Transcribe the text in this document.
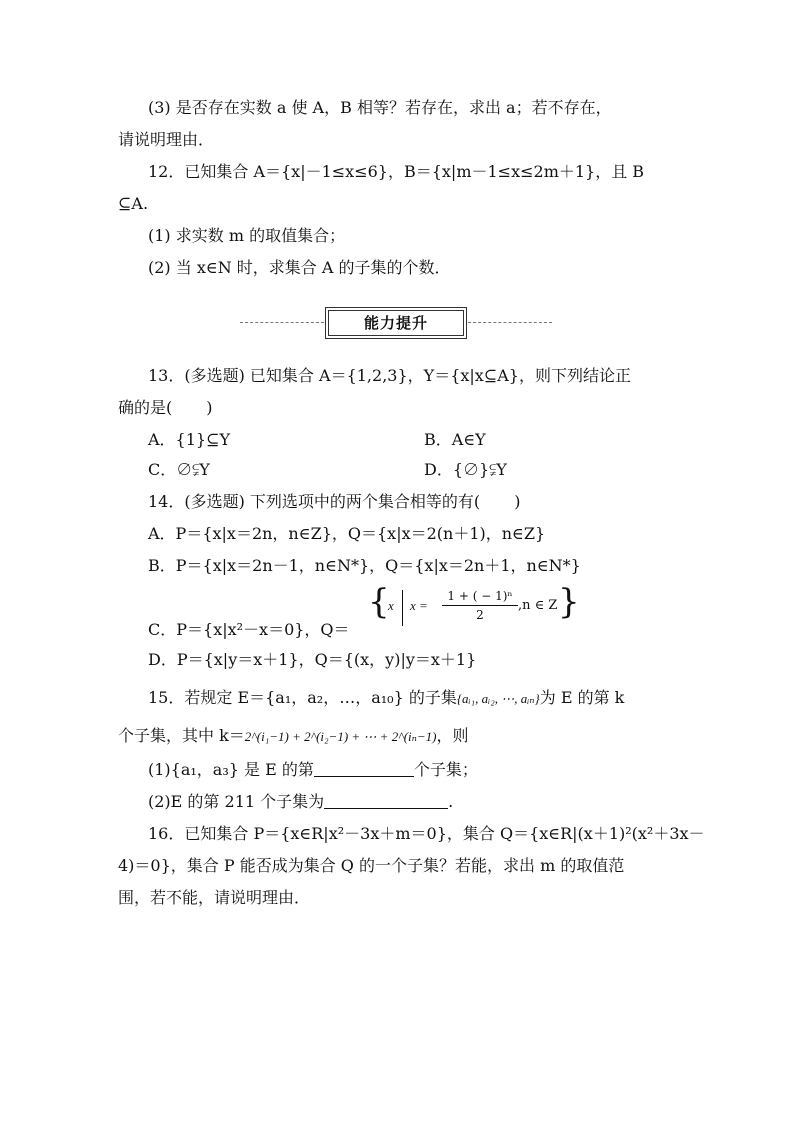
(3) 是否存在实数 a 使 A，B 相等？若存在，求出 a；若不存在，
请说明理由．
12．已知集合 A＝{x|－1≤x≤6}，B＝{x|m－1≤x≤2m＋1}，且 B
⊆A.
(1) 求实数 m 的取值集合；
(2) 当 x∈N 时，求集合 A 的子集的个数．
能力提升
13．(多选题) 已知集合 A＝{1,2,3}，Y＝{x|x⊆A}，则下列结论正
确的是( )
A．{1}⊆Y	B．A∈Y
C．∅⫋Y	D．{∅}⫋Y
14．(多选题) 下列选项中的两个集合相等的有( )
A．P＝{x|x＝2n，n∈Z}，Q＝{x|x＝2(n＋1)，n∈Z}
B．P＝{x|x＝2n－1，n∈N*}，Q＝{x|x＝2n＋1，n∈N*}
C．P＝{x|x²－x＝0}，Q＝
{
x $x = \frac{\text{1 + ( − 1)ⁿ}}{2} ,n$ ∈ Z }
D．P＝{x|y＝x＋1}，Q＝{(x，y)|y＝x＋1}
15．若规定 E＝{a₁，a₂，…，a₁₀} 的子集{aᵢ₁, aᵢ₂, ⋯, aᵢₙ}为 E 的第 k
个子集，其中 k＝2^(i₁−1) + 2^(i₂−1) + ⋯ + 2^(iₙ−1)，则
(1){a₁，a₃} 是 E 的第	个子集；
(2)E 的第 211 个子集为	.
16．已知集合 P＝{x∈R|x²－3x＋m＝0}，集合 Q＝{x∈R|(x＋1)²(x²＋3x－
4)＝0}，集合 P 能否成为集合 Q 的一个子集？若能，求出 m 的取值范
围，若不能，请说明理由．
